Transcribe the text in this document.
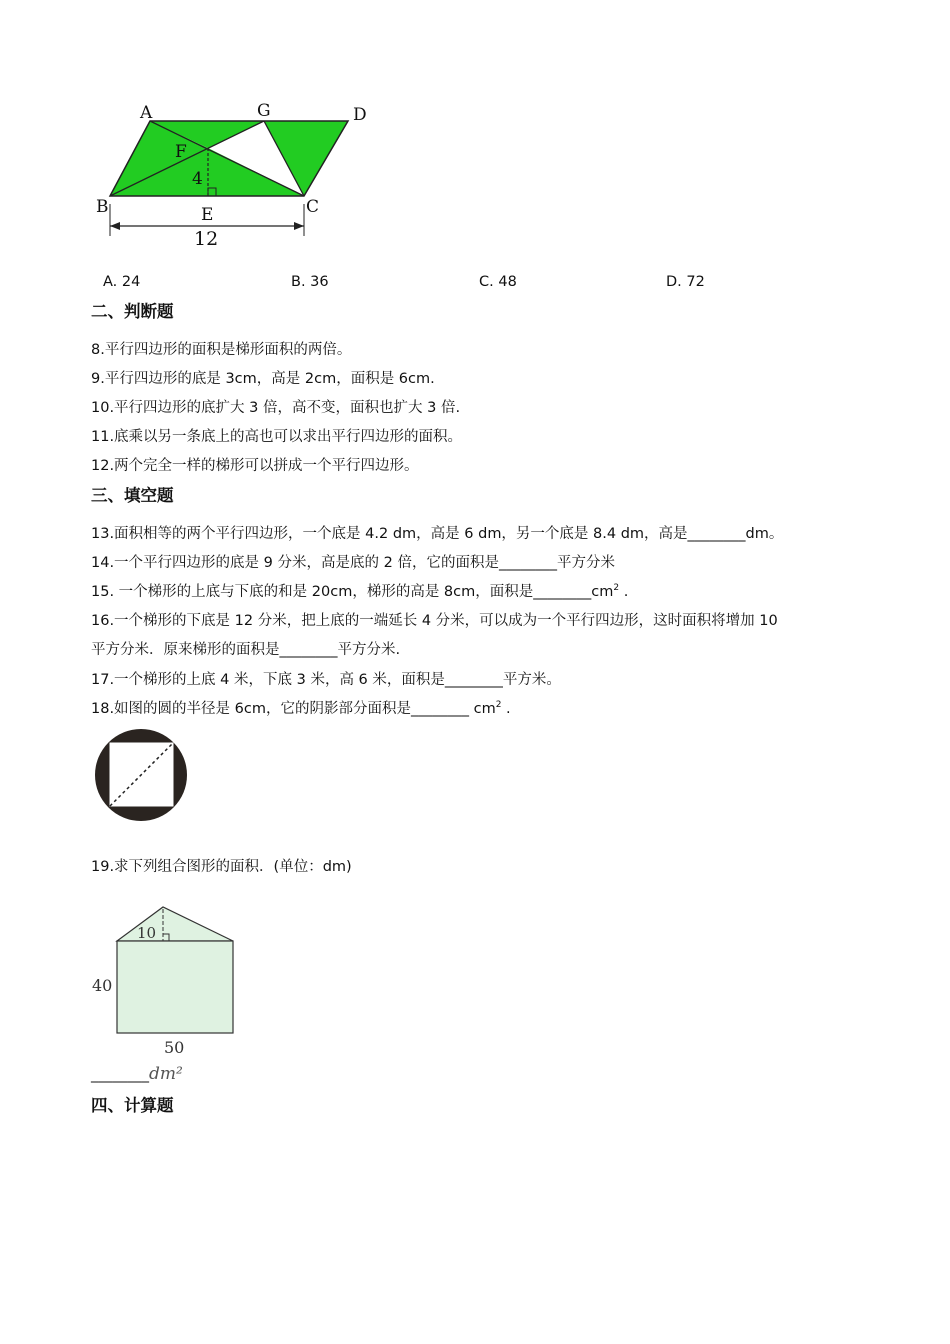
A	G	D
F
4
B	E	C
12
A. 24	B. 36	C. 48	D. 72
二、判断题
8.平行四边形的面积是梯形面积的两倍。
9.平行四边形的底是 3cm，高是 2cm，面积是 6cm.
10.平行四边形的底扩大 3 倍，高不变，面积也扩大 3 倍.
11.底乘以另一条底上的高也可以求出平行四边形的面积。
12.两个完全一样的梯形可以拼成一个平行四边形。
三、填空题
13.面积相等的两个平行四边形，一个底是 4.2 dm，高是 6 dm，另一个底是 8.4 dm，高是________dm。
14.一个平行四边形的底是 9 分米，高是底的 2 倍，它的面积是________平方分米
15. 一个梯形的上底与下底的和是 20cm，梯形的高是 8cm，面积是$\_\_\_\_\_\_\_\_cm^2$ .
16.一个梯形的下底是 12 分米，把上底的一端延长 4 分米，可以成为一个平行四边形，这时面积将增加 10
平方分米．原来梯形的面积是________平方分米.
17.一个梯形的上底 4 米，下底 3 米，高 6 米，面积是________平方米。
18.如图的圆的半径是 6cm，它的阴影部分面积是________ $cm^2$ .
19.求下列组合图形的面积．(单位：dm)
10
40
50
________dm²
四、计算题
